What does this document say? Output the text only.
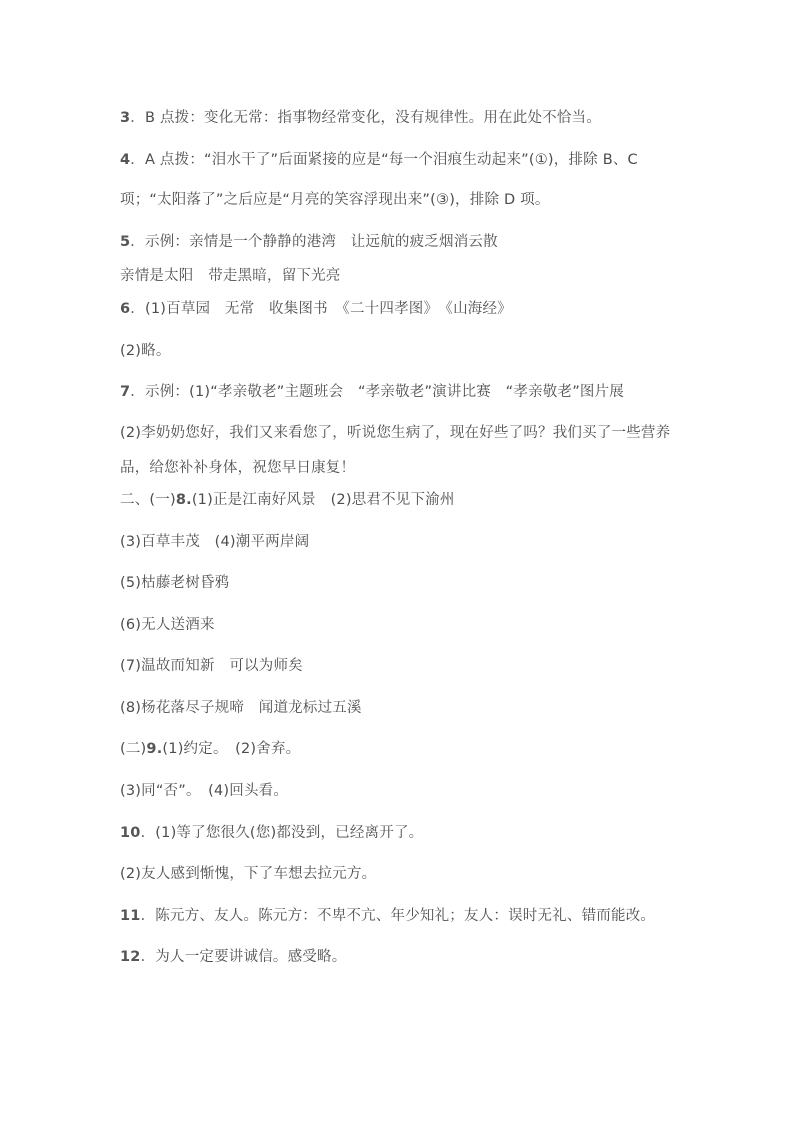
3．B 点拨：变化无常：指事物经常变化，没有规律性。用在此处不恰当。
4．A 点拨：“泪水干了”后面紧接的应是“每一个泪痕生动起来”(①)，排除 B、C
项；“太阳落了”之后应是“月亮的笑容浮现出来”(③)，排除 D 项。
5．示例：亲情是一个静静的港湾　让远航的疲乏烟消云散
亲情是太阳　带走黑暗，留下光亮
6．(1)百草园　无常　收集图书　《二十四孝图》　《山海经》
(2)略。
7．示例：(1)“孝亲敬老”主题班会　“孝亲敬老”演讲比赛　“孝亲敬老”图片展
(2)李奶奶您好，我们又来看您了，听说您生病了，现在好些了吗？我们买了一些营养
品，给您补补身体，祝您早日康复！
二、(一)8.(1)正是江南好风景　(2)思君不见下渝州
(3)百草丰茂　(4)潮平两岸阔
(5)枯藤老树昏鸦
(6)无人送酒来
(7)温故而知新　可以为师矣
(8)杨花落尽子规啼　闻道龙标过五溪
(二)9.(1)约定。　(2)舍弃。
(3)同“否”。　(4)回头看。
10．(1)等了您很久(您)都没到，已经离开了。
(2)友人感到惭愧，下了车想去拉元方。
11．陈元方、友人。陈元方：不卑不亢、年少知礼；友人：误时无礼、错而能改。
12．为人一定要讲诚信。感受略。
